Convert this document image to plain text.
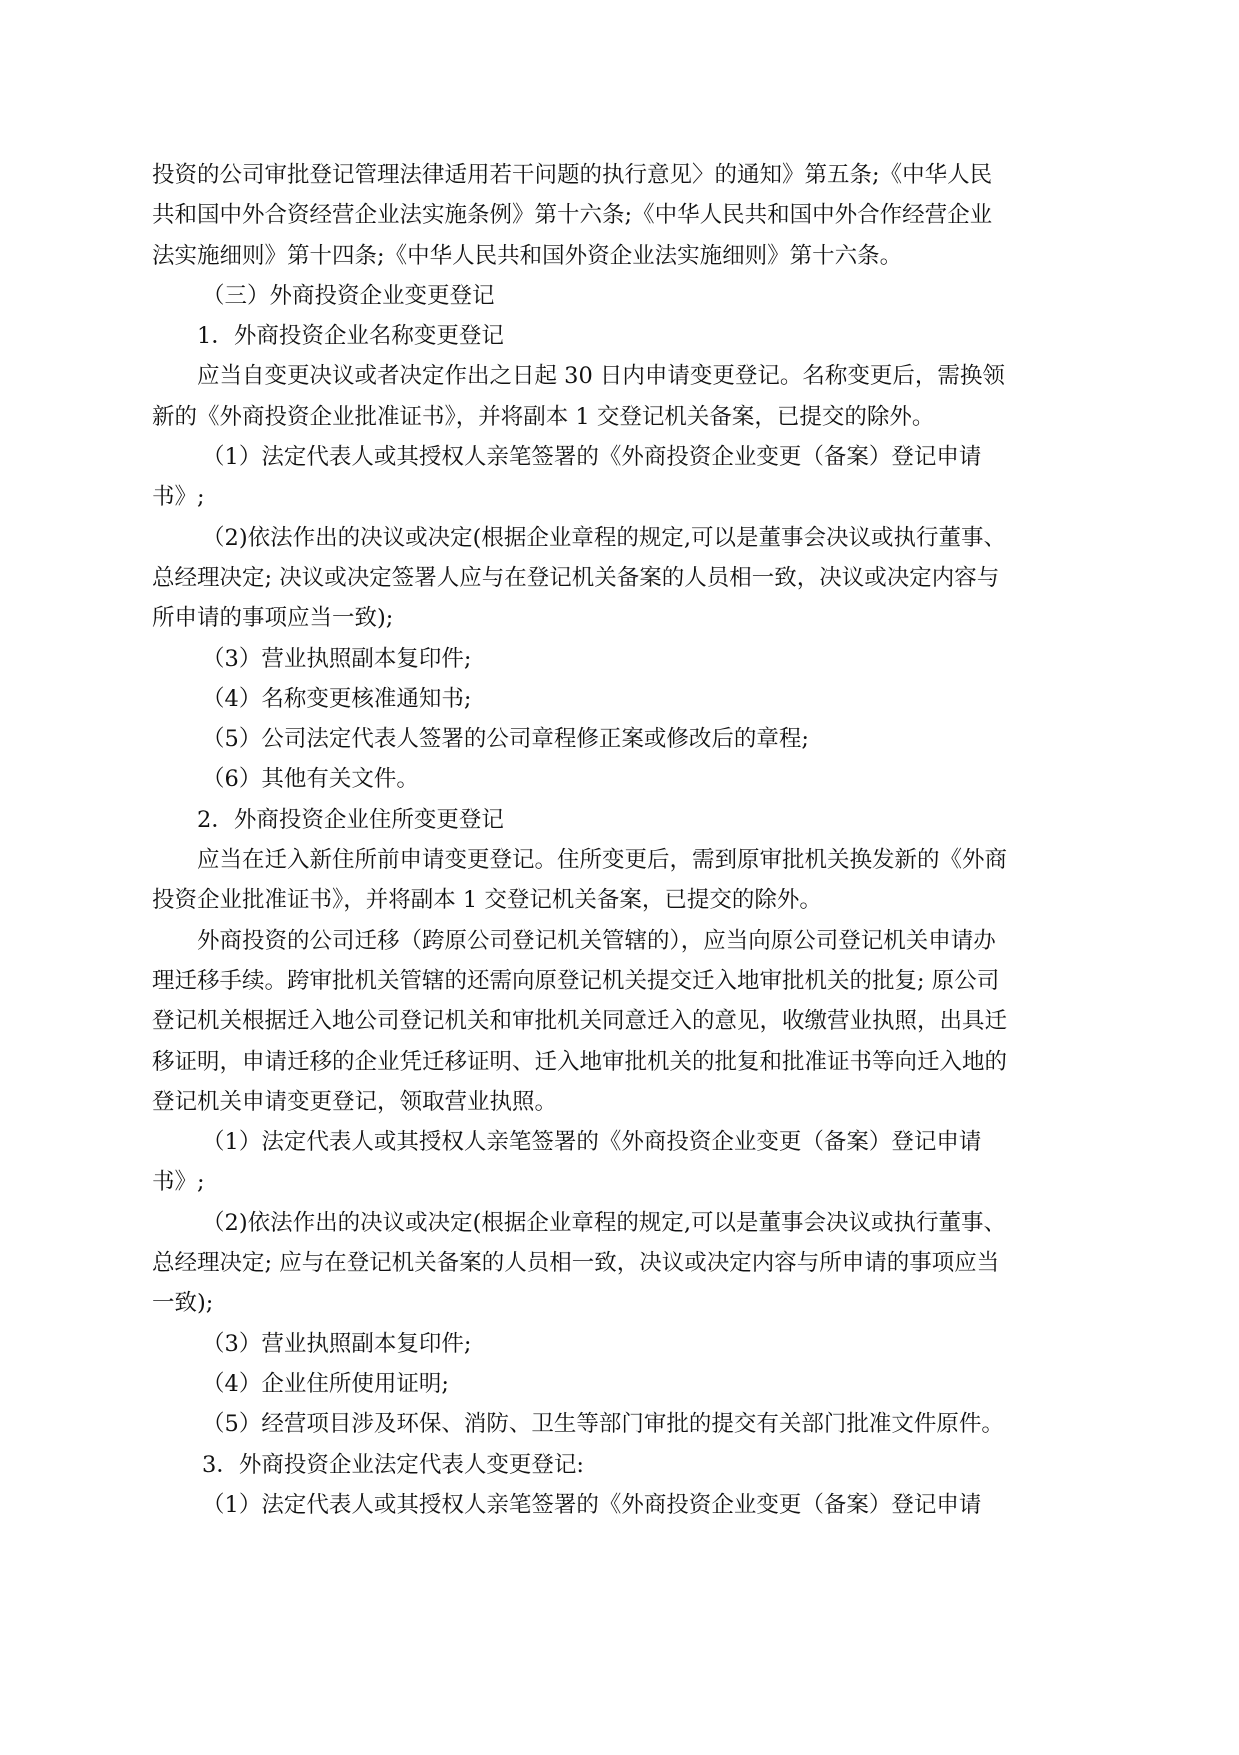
投资的公司审批登记管理法律适用若干问题的执行意见〉的通知》第五条;《中华人民
共和国中外合资经营企业法实施条例》第十六条;《中华人民共和国中外合作经营企业
法实施细则》第十四条;《中华人民共和国外资企业法实施细则》第十六条。

（三）外商投资企业变更登记

1．外商投资企业名称变更登记

应当自变更决议或者决定作出之日起 30 日内申请变更登记。名称变更后，需换领
新的《外商投资企业批准证书》，并将副本 1 交登记机关备案，已提交的除外。

（1）法定代表人或其授权人亲笔签署的《外商投资企业变更（备案）登记申请
书》;

（2)依法作出的决议或决定(根据企业章程的规定,可以是董事会决议或执行董事、
总经理决定; 决议或决定签署人应与在登记机关备案的人员相一致，决议或决定内容与
所申请的事项应当一致);

（3）营业执照副本复印件;

（4）名称变更核准通知书;

（5）公司法定代表人签署的公司章程修正案或修改后的章程;

（6）其他有关文件。

2．外商投资企业住所变更登记

应当在迁入新住所前申请变更登记。住所变更后，需到原审批机关换发新的《外商
投资企业批准证书》，并将副本 1 交登记机关备案，已提交的除外。

外商投资的公司迁移（跨原公司登记机关管辖的），应当向原公司登记机关申请办
理迁移手续。跨审批机关管辖的还需向原登记机关提交迁入地审批机关的批复; 原公司
登记机关根据迁入地公司登记机关和审批机关同意迁入的意见，收缴营业执照，出具迁
移证明，申请迁移的企业凭迁移证明、迁入地审批机关的批复和批准证书等向迁入地的
登记机关申请变更登记，领取营业执照。

（1）法定代表人或其授权人亲笔签署的《外商投资企业变更（备案）登记申请
书》;

（2)依法作出的决议或决定(根据企业章程的规定,可以是董事会决议或执行董事、
总经理决定; 应与在登记机关备案的人员相一致，决议或决定内容与所申请的事项应当
一致);

（3）营业执照副本复印件;

（4）企业住所使用证明;

（5）经营项目涉及环保、消防、卫生等部门审批的提交有关部门批准文件原件。

3．外商投资企业法定代表人变更登记:

（1）法定代表人或其授权人亲笔签署的《外商投资企业变更（备案）登记申请
